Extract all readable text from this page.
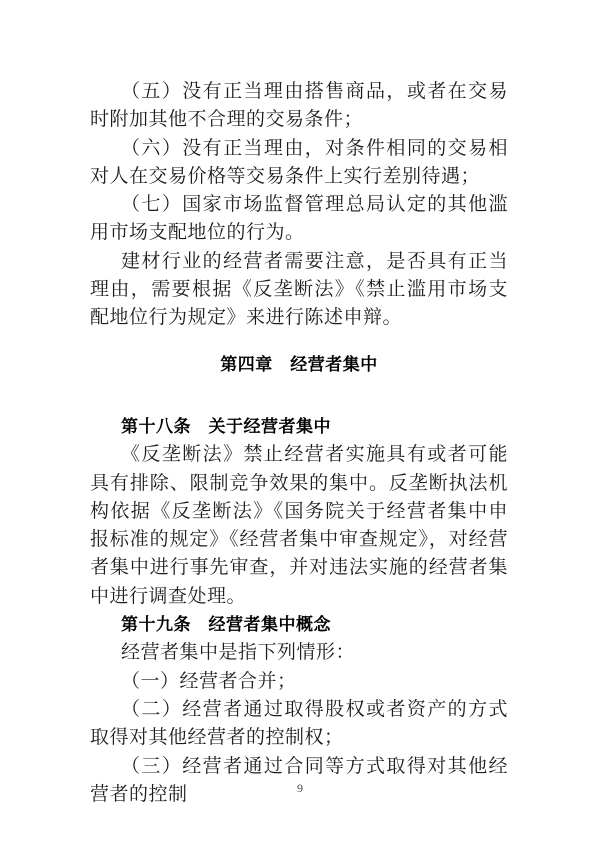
（五）没有正当理由搭售商品，或者在交易时附加其他不合理的交易条件；

（六）没有正当理由，对条件相同的交易相对人在交易价格等交易条件上实行差别待遇；

（七）国家市场监督管理总局认定的其他滥用市场支配地位的行为。

建材行业的经营者需要注意，是否具有正当理由，需要根据《反垄断法》《禁止滥用市场支配地位行为规定》来进行陈述申辩。

第四章　经营者集中
第十八条　关于经营者集中

《反垄断法》禁止经营者实施具有或者可能具有排除、限制竞争效果的集中。反垄断执法机构依据《反垄断法》《国务院关于经营者集中申报标准的规定》《经营者集中审查规定》，对经营者集中进行事先审查，并对违法实施的经营者集中进行调查处理。

第十九条　经营者集中概念

经营者集中是指下列情形：

（一）经营者合并；

（二）经营者通过取得股权或者资产的方式取得对其他经营者的控制权；

（三）经营者通过合同等方式取得对其他经营者的控制	9
